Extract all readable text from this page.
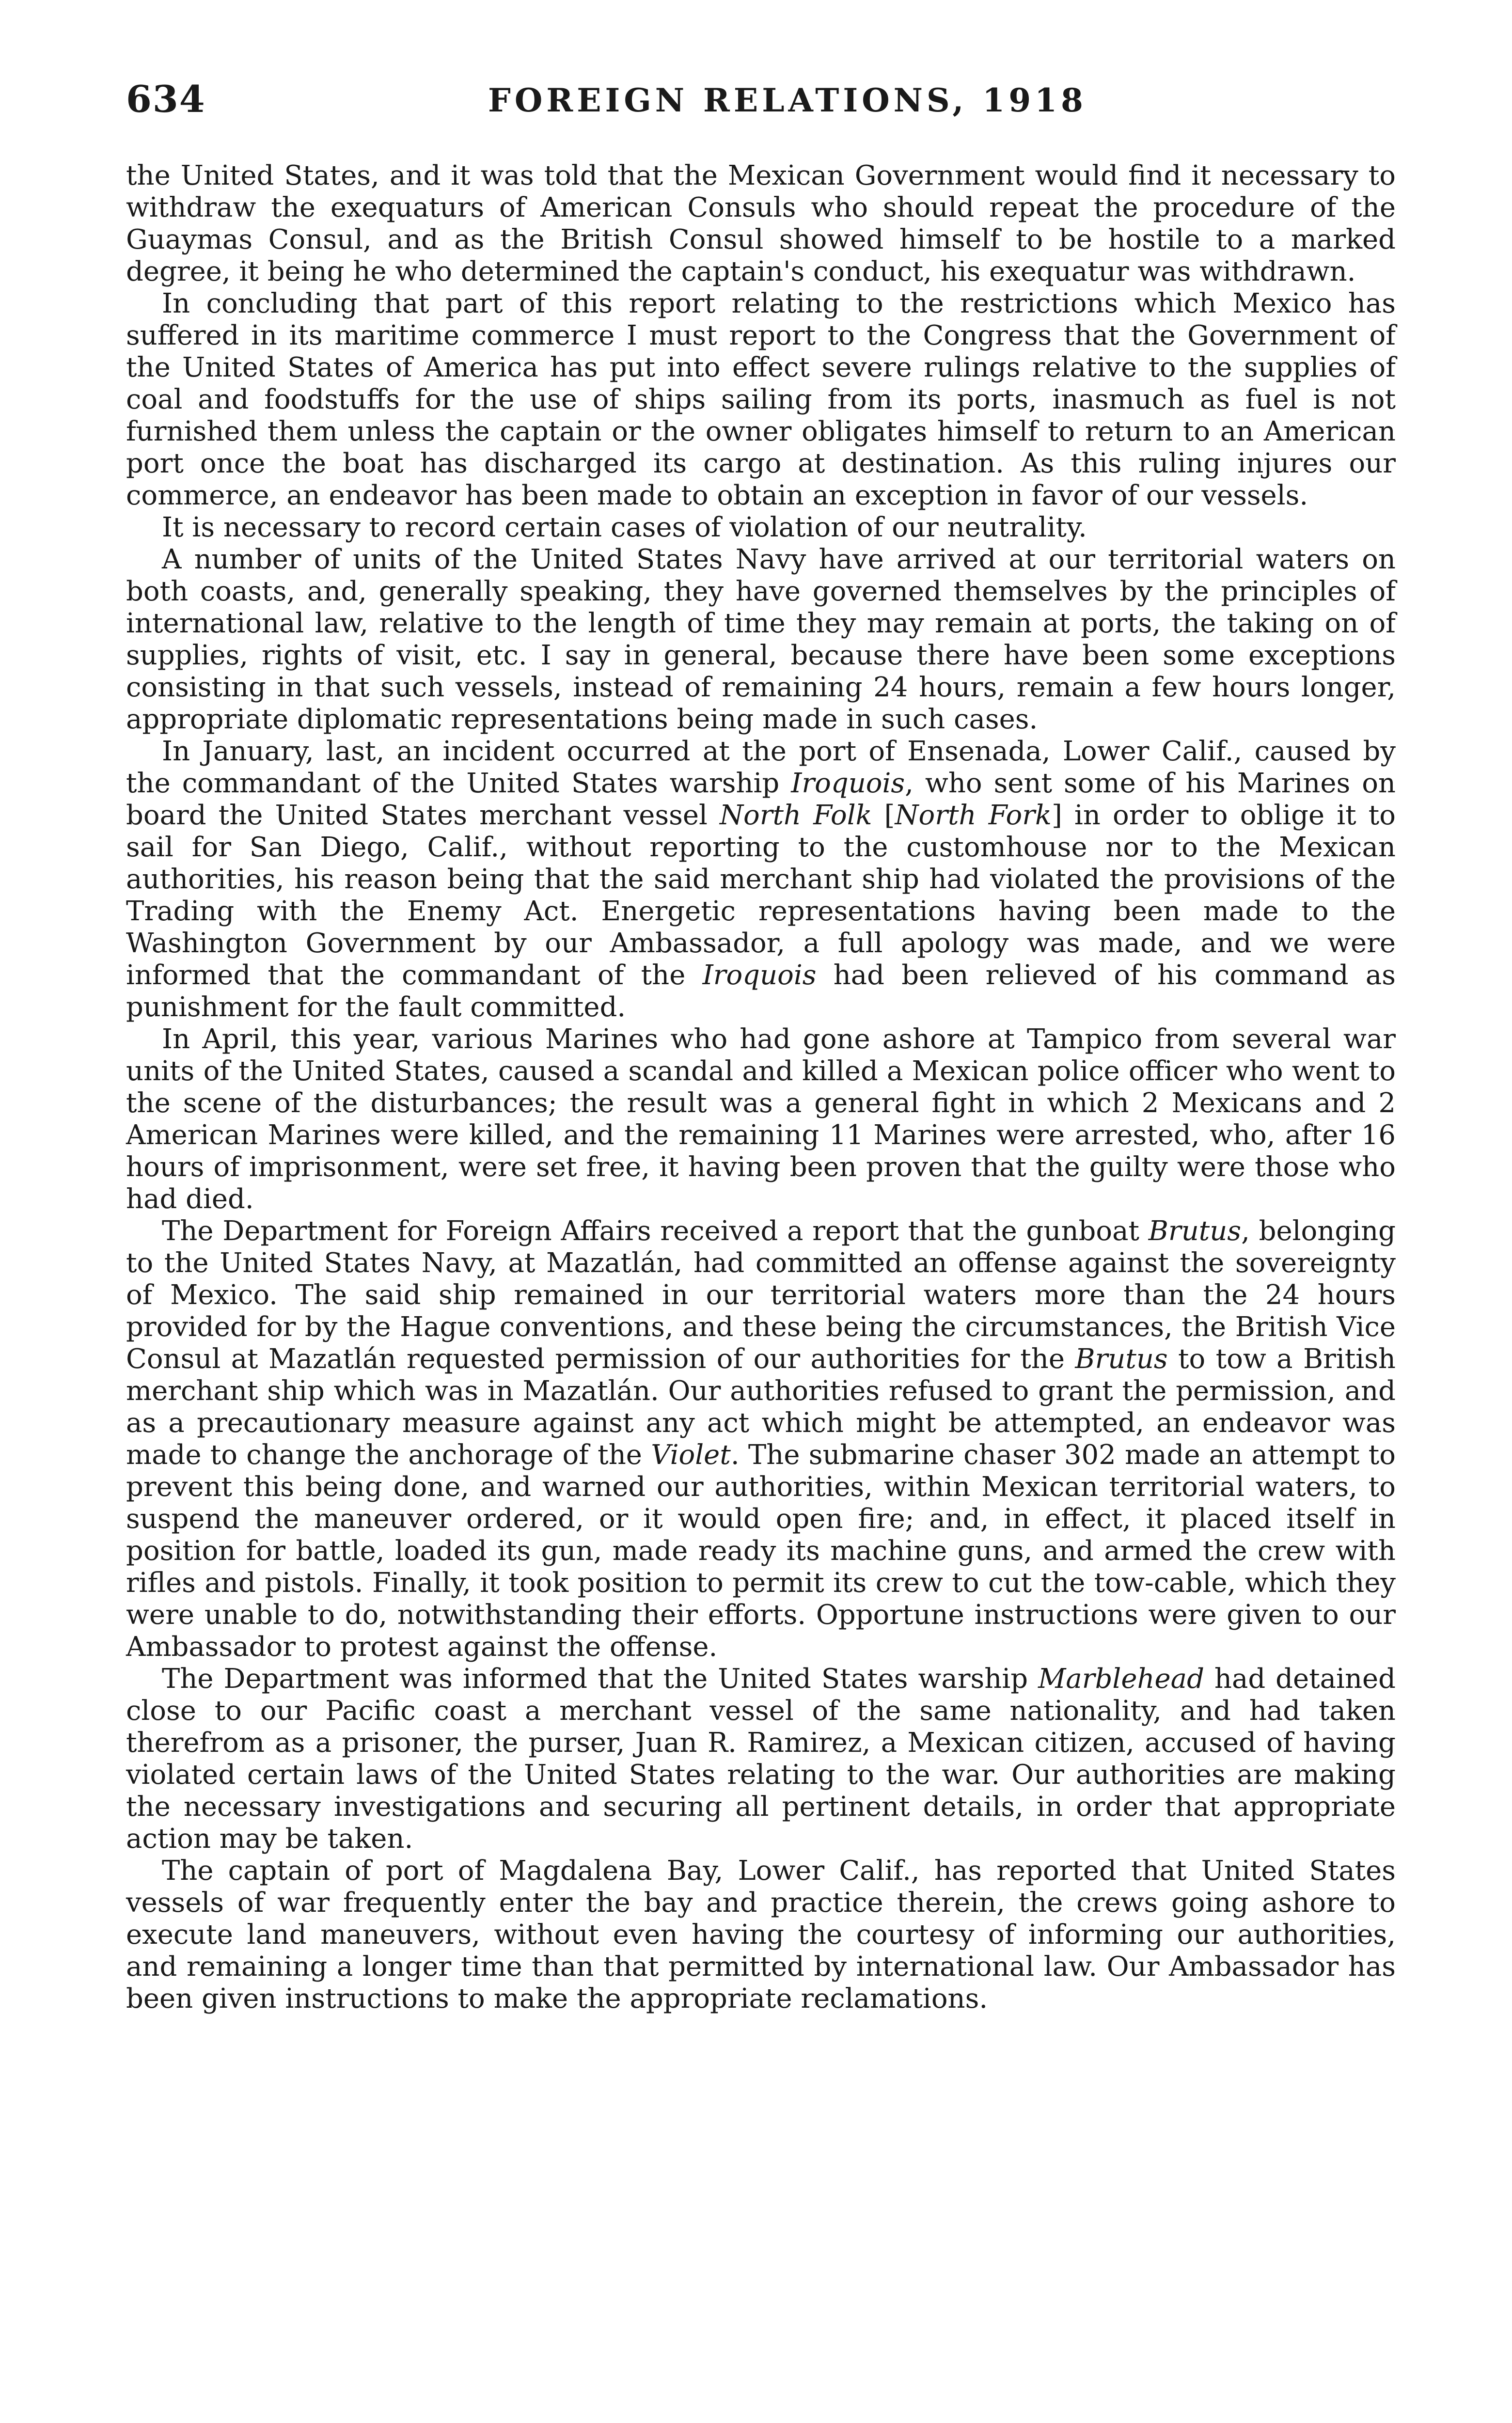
634	FOREIGN RELATIONS, 1918

the United States, and it was told that the Mexican Government would find it necessary to withdraw the exequaturs of American Consuls who should repeat the procedure of the Guaymas Consul, and as the British Consul showed himself to be hostile to a marked degree, it being he who determined the captain's conduct, his exequatur was withdrawn.

In concluding that part of this report relating to the restrictions which Mexico has suffered in its maritime commerce I must report to the Congress that the Government of the United States of America has put into effect severe rulings relative to the supplies of coal and foodstuffs for the use of ships sailing from its ports, inasmuch as fuel is not furnished them unless the captain or the owner obligates himself to return to an American port once the boat has discharged its cargo at destination. As this ruling injures our commerce, an endeavor has been made to obtain an exception in favor of our vessels.

It is necessary to record certain cases of violation of our neutrality.

A number of units of the United States Navy have arrived at our territorial waters on both coasts, and, generally speaking, they have governed themselves by the principles of international law, relative to the length of time they may remain at ports, the taking on of supplies, rights of visit, etc. I say in general, because there have been some exceptions consisting in that such vessels, instead of remaining 24 hours, remain a few hours longer, appropriate diplomatic representations being made in such cases.

In January, last, an incident occurred at the port of Ensenada, Lower Calif., caused by the commandant of the United States warship Iroquois, who sent some of his Marines on board the United States merchant vessel North Folk [North Fork] in order to oblige it to sail for San Diego, Calif., without reporting to the customhouse nor to the Mexican authorities, his reason being that the said merchant ship had violated the provisions of the Trading with the Enemy Act. Energetic representations having been made to the Washington Government by our Ambassador, a full apology was made, and we were informed that the commandant of the Iroquois had been relieved of his command as punishment for the fault committed.

In April, this year, various Marines who had gone ashore at Tampico from several war units of the United States, caused a scandal and killed a Mexican police officer who went to the scene of the disturbances; the result was a general fight in which 2 Mexicans and 2 American Marines were killed, and the remaining 11 Marines were arrested, who, after 16 hours of imprisonment, were set free, it having been proven that the guilty were those who had died.

The Department for Foreign Affairs received a report that the gunboat Brutus, belonging to the United States Navy, at Mazatlán, had committed an offense against the sovereignty of Mexico. The said ship remained in our territorial waters more than the 24 hours provided for by the Hague conventions, and these being the circumstances, the British Vice Consul at Mazatlán requested permission of our authorities for the Brutus to tow a British merchant ship which was in Mazatlán. Our authorities refused to grant the permission, and as a precautionary measure against any act which might be attempted, an endeavor was made to change the anchorage of the Violet. The submarine chaser 302 made an attempt to prevent this being done, and warned our authorities, within Mexican territorial waters, to suspend the maneuver ordered, or it would open fire; and, in effect, it placed itself in position for battle, loaded its gun, made ready its machine guns, and armed the crew with rifles and pistols. Finally, it took position to permit its crew to cut the tow-cable, which they were unable to do, notwithstanding their efforts. Opportune instructions were given to our Ambassador to protest against the offense.

The Department was informed that the United States warship Marblehead had detained close to our Pacific coast a merchant vessel of the same nationality, and had taken therefrom as a prisoner, the purser, Juan R. Ramirez, a Mexican citizen, accused of having violated certain laws of the United States relating to the war. Our authorities are making the necessary investigations and securing all pertinent details, in order that appropriate action may be taken.

The captain of port of Magdalena Bay, Lower Calif., has reported that United States vessels of war frequently enter the bay and practice therein, the crews going ashore to execute land maneuvers, without even having the courtesy of informing our authorities, and remaining a longer time than that permitted by international law. Our Ambassador has been given instructions to make the appropriate reclamations.
